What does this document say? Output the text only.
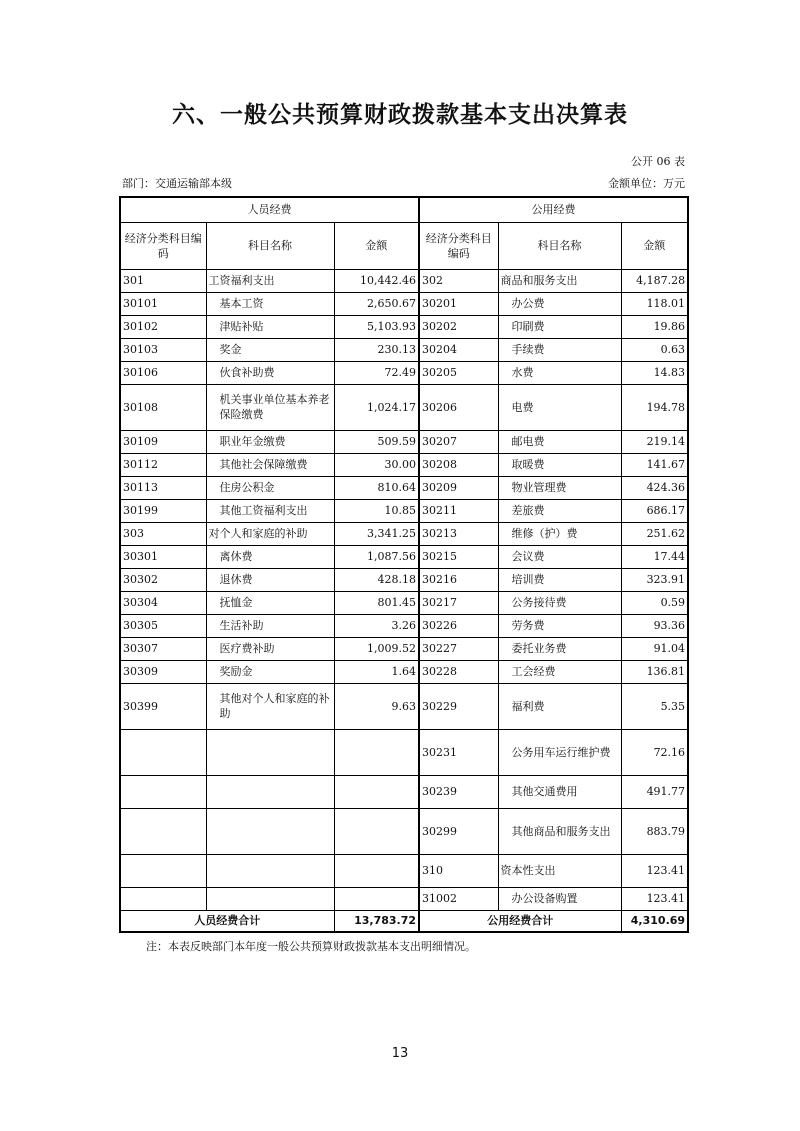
六、一般公共预算财政拨款基本支出决算表
公开 06 表
部门：交通运输部本级	金额单位：万元
人员经费			公用经费		
经济分类科目编码	科目名称	金额	经济分类科目编码	科目名称	金额
301	工资福利支出	10,442.46	302	商品和服务支出	4,187.28
30101	基本工资	2,650.67	30201	办公费	118.01
30102	津贴补贴	5,103.93	30202	印刷费	19.86
30103	奖金	230.13	30204	手续费	0.63
30106	伙食补助费	72.49	30205	水费	14.83
30108	机关事业单位基本养老保险缴费	1,024.17	30206	电费	194.78
30109	职业年金缴费	509.59	30207	邮电费	219.14
30112	其他社会保障缴费	30.00	30208	取暖费	141.67
30113	住房公积金	810.64	30209	物业管理费	424.36
30199	其他工资福利支出	10.85	30211	差旅费	686.17
303	对个人和家庭的补助	3,341.25	30213	维修（护）费	251.62
30301	离休费	1,087.56	30215	会议费	17.44
30302	退休费	428.18	30216	培训费	323.91
30304	抚恤金	801.45	30217	公务接待费	0.59
30305	生活补助	3.26	30226	劳务费	93.36
30307	医疗费补助	1,009.52	30227	委托业务费	91.04
30309	奖励金	1.64	30228	工会经费	136.81
30399	其他对个人和家庭的补助	9.63	30229	福利费	5.35
			30231	公务用车运行维护费	72.16
			30239	其他交通费用	491.77
			30299	其他商品和服务支出	883.79
			310	资本性支出	123.41
			31002	办公设备购置	123.41
人员经费合计		13,783.72	公用经费合计		4,310.69
注：本表反映部门本年度一般公共预算财政拨款基本支出明细情况。
13
